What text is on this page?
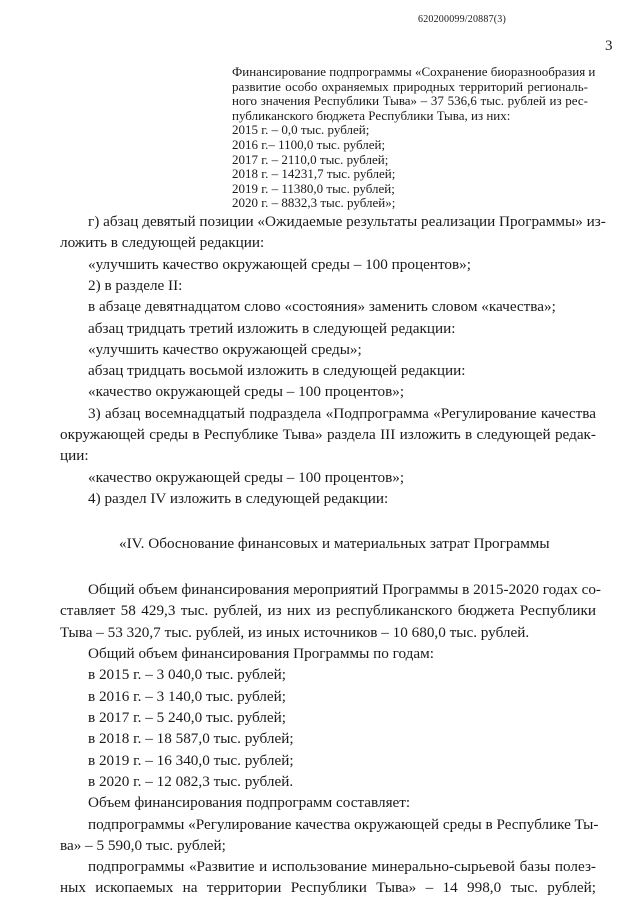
620200099/20887(3)
3
Финансирование подпрограммы «Сохранение биоразнообразия и
развитие особо охраняемых природных территорий региональ-
ного значения Республики Тыва» – 37 536,6 тыс. рублей из рес-
публиканского бюджета Республики Тыва, из них:
2015 г. – 0,0 тыс. рублей;
2016 г.– 1100,0 тыс. рублей;
2017 г. – 2110,0 тыс. рублей;
2018 г. – 14231,7 тыс. рублей;
2019 г. – 11380,0 тыс. рублей;
2020 г. – 8832,3 тыс. рублей»;
г) абзац девятый позиции «Ожидаемые результаты реализации Программы» из-
ложить в следующей редакции:
«улучшить качество окружающей среды – 100 процентов»;
2) в разделе II:
в абзаце девятнадцатом слово «состояния» заменить словом «качества»;
абзац тридцать третий изложить в следующей редакции:
«улучшить качество окружающей среды»;
абзац тридцать восьмой изложить в следующей редакции:
«качество окружающей среды – 100 процентов»;
3) абзац восемнадцатый подраздела «Подпрограмма «Регулирование качества
окружающей среды в Республике Тыва» раздела III изложить в следующей редак-
ции:
«качество окружающей среды – 100 процентов»;
4) раздел IV изложить в следующей редакции:
«IV. Обоснование финансовых и материальных затрат Программы
Общий объем финансирования мероприятий Программы в 2015-2020 годах со-
ставляет 58 429,3 тыс. рублей, из них из республиканского бюджета Республики
Тыва – 53 320,7 тыс. рублей, из иных источников – 10 680,0 тыс. рублей.
Общий объем финансирования Программы по годам:
в 2015 г. – 3 040,0 тыс. рублей;
в 2016 г. – 3 140,0 тыс. рублей;
в 2017 г. – 5 240,0 тыс. рублей;
в 2018 г. – 18 587,0 тыс. рублей;
в 2019 г. – 16 340,0 тыс. рублей;
в 2020 г. – 12 082,3 тыс. рублей.
Объем финансирования подпрограмм составляет:
подпрограммы «Регулирование качества окружающей среды в Республике Ты-
ва» – 5 590,0 тыс. рублей;
подпрограммы «Развитие и использование минерально-сырьевой базы полез-
ных ископаемых на территории Республики Тыва» – 14 998,0 тыс. рублей;
